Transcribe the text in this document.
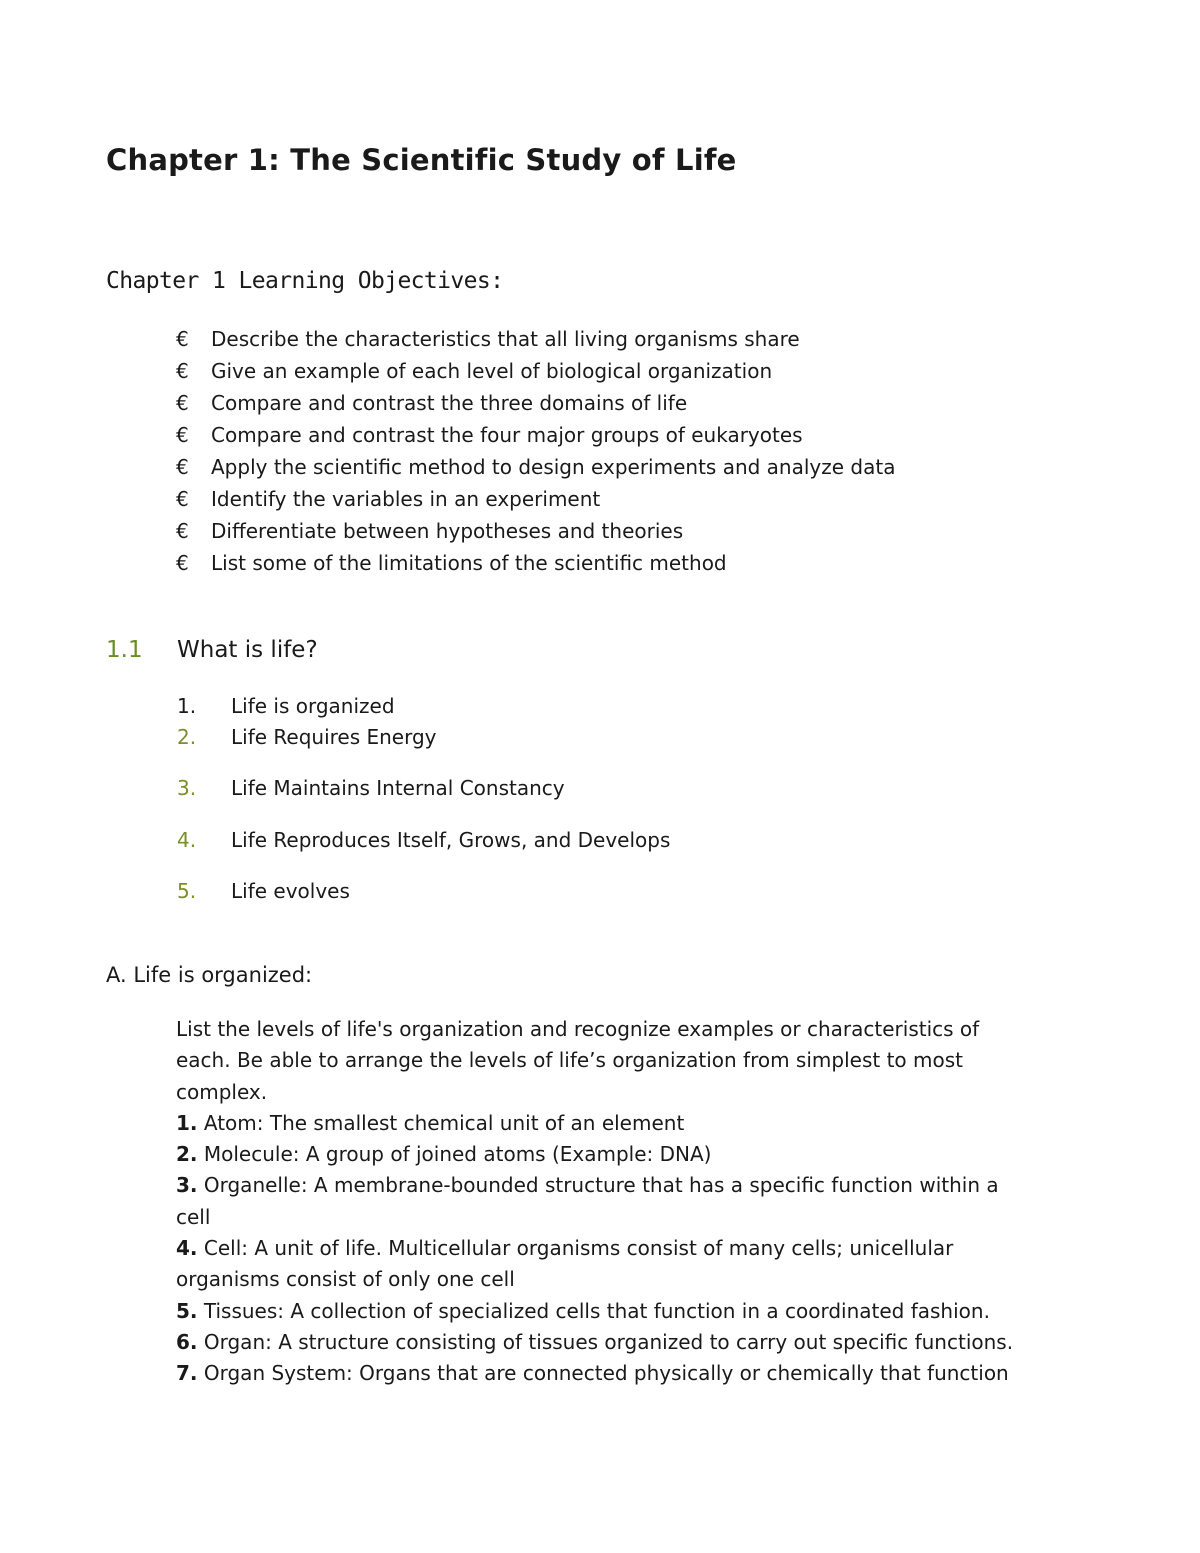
Chapter 1: The Scientific Study of Life
Chapter 1 Learning Objectives:
€ Describe the characteristics that all living organisms share
€ Give an example of each level of biological organization
€ Compare and contrast the three domains of life
€ Compare and contrast the four major groups of eukaryotes
€ Apply the scientific method to design experiments and analyze data
€ Identify the variables in an experiment
€ Differentiate between hypotheses and theories
€ List some of the limitations of the scientific method
1.1 What is life?
1. Life is organized
2. Life Requires Energy
3. Life Maintains Internal Constancy
4. Life Reproduces Itself, Grows, and Develops
5. Life evolves
A. Life is organized:
List the levels of life's organization and recognize examples or characteristics of
each. Be able to arrange the levels of life’s organization from simplest to most
complex.
1. Atom: The smallest chemical unit of an element
2. Molecule: A group of joined atoms (Example: DNA)
3. Organelle: A membrane-bounded structure that has a specific function within a
cell
4. Cell: A unit of life. Multicellular organisms consist of many cells; unicellular
organisms consist of only one cell
5. Tissues: A collection of specialized cells that function in a coordinated fashion.
6. Organ: A structure consisting of tissues organized to carry out specific functions.
7. Organ System: Organs that are connected physically or chemically that function
